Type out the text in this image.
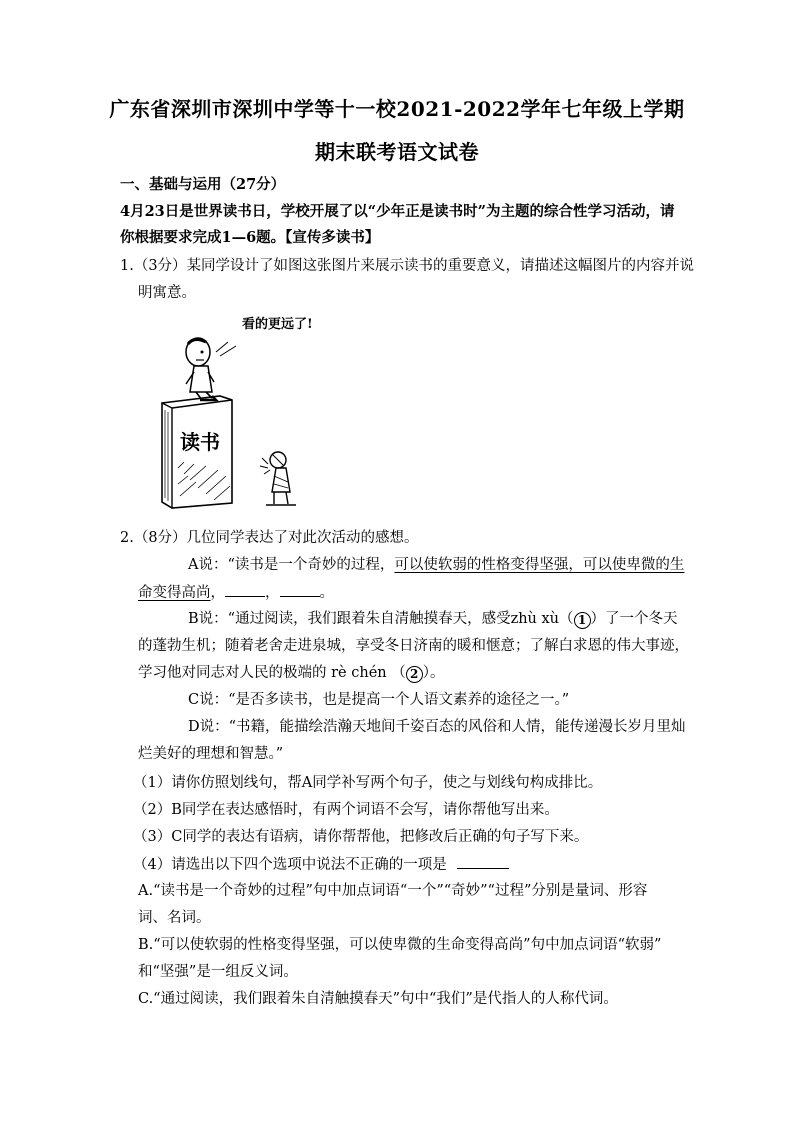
广东省深圳市深圳中学等十一校2021-2022学年七年级上学期
期末联考语文试卷
一、基础与运用（27分）
4月23日是世界读书日，学校开展了以“少年正是读书时”为主题的综合性学习活动，请
你根据要求完成1—6题。【宣传多读书】
1.（3分）某同学设计了如图这张图片来展示读书的重要意义，请描述这幅图片的内容并说
明寓意。
看的更远了!
读书
2.（8分）几位同学表达了对此次活动的感想。
A说：“读书是一个奇妙的过程，可以使软弱的性格变得坚强，可以使卑微的生
命变得高尚，	，	。
B说：“通过阅读，我们跟着朱自清触摸春天，感受zhù xù（ 1 ）了一个冬天
的蓬勃生机；随着老舍走进泉城，享受冬日济南的暖和惬意；了解白求恩的伟大事迹，
学习他对同志对人民的极端的 rè chén （ 2 ）。
C说：“是否多读书，也是提高一个人语文素养的途径之一。”
D说：“书籍，能描绘浩瀚天地间千姿百态的风俗和人情，能传递漫长岁月里灿
烂美好的理想和智慧。”
（1）请你仿照划线句，帮A同学补写两个句子，使之与划线句构成排比。
（2）B同学在表达感悟时，有两个词语不会写，请你帮他写出来。
（3）C同学的表达有语病，请你帮帮他，把修改后正确的句子写下来。
（4）请选出以下四个选项中说法不正确的一项是
A.“读书是一个奇妙的过程”句中加点词语“一个”“奇妙”“过程”分别是量词、形容
词、名词。
B.“可以使软弱的性格变得坚强，可以使卑微的生命变得高尚”句中加点词语“软弱”
和“坚强”是一组反义词。
C.“通过阅读，我们跟着朱自清触摸春天”句中“我们”是代指人的人称代词。
